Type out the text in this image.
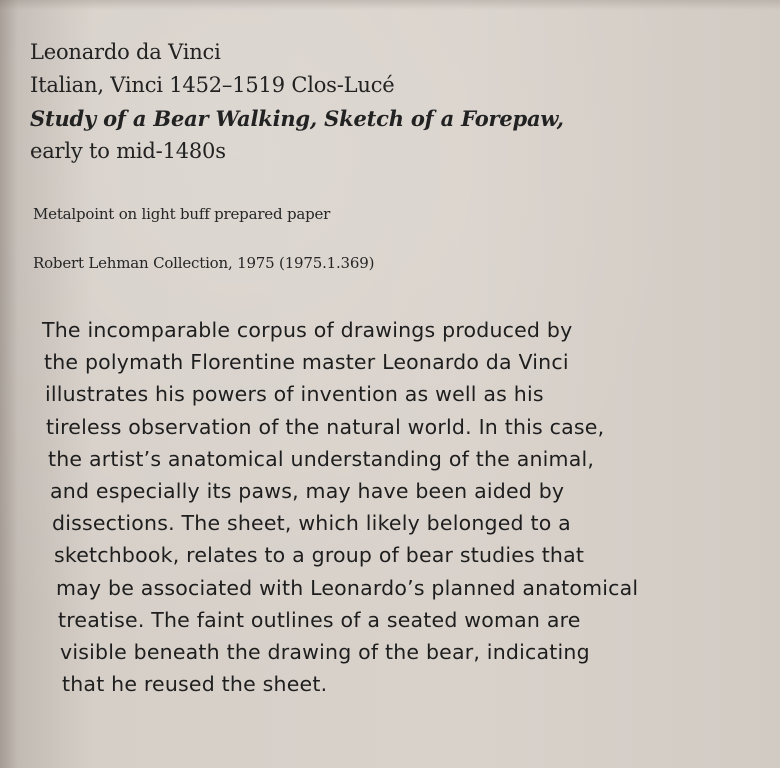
Leonardo da Vinci
Italian, Vinci 1452–1519 Clos-Lucé
Study of a Bear Walking, Sketch of a Forepaw,
early to mid-1480s
Metalpoint on light buff prepared paper
Robert Lehman Collection, 1975 (1975.1.369)

The incomparable corpus of drawings produced by
the polymath Florentine master Leonardo da Vinci
illustrates his powers of invention as well as his
tireless observation of the natural world. In this case,
the artist’s anatomical understanding of the animal,
and especially its paws, may have been aided by
dissections. The sheet, which likely belonged to a
sketchbook, relates to a group of bear studies that
may be associated with Leonardo’s planned anatomical
treatise. The faint outlines of a seated woman are
visible beneath the drawing of the bear, indicating
that he reused the sheet.
